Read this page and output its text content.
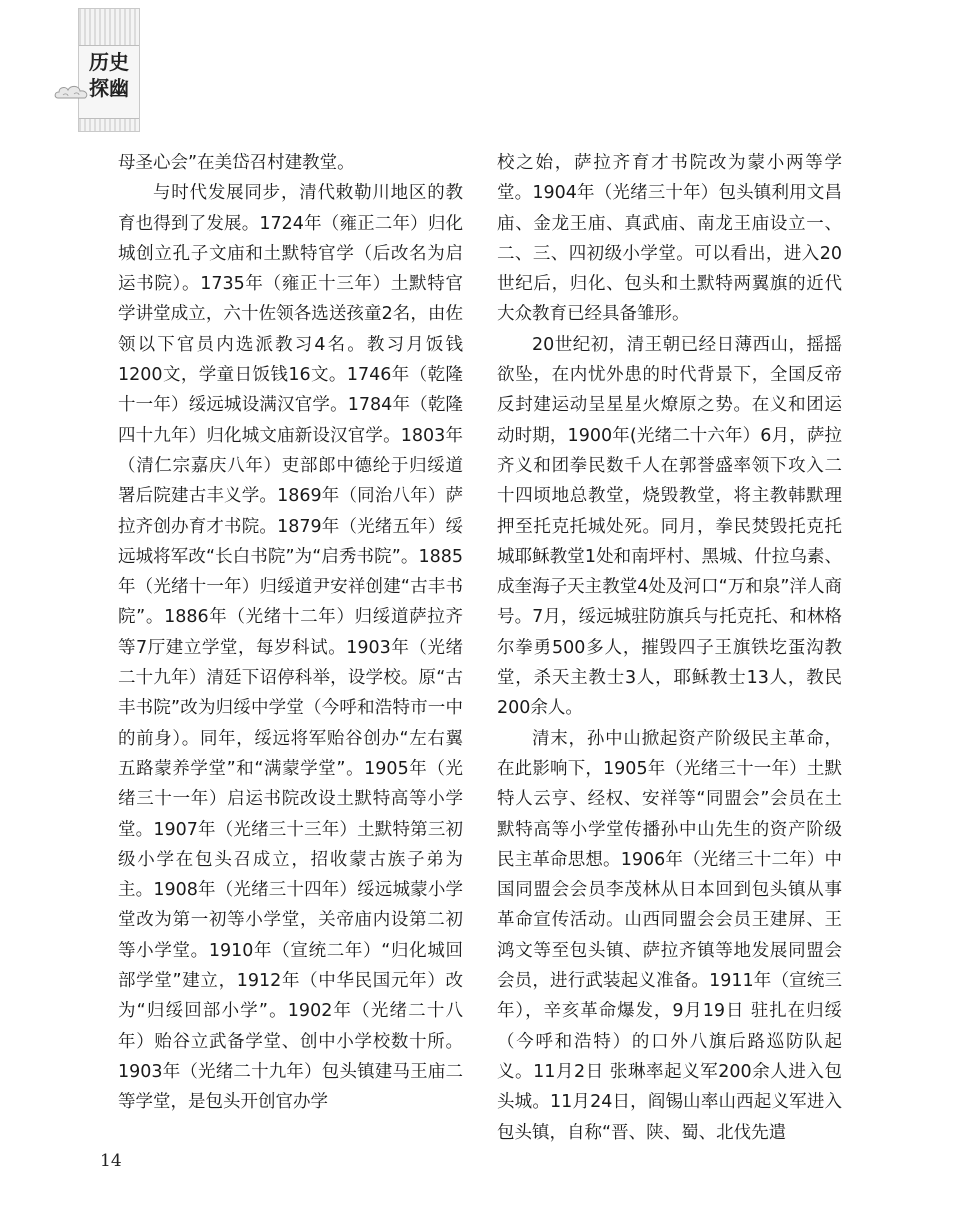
历史
探幽

母圣心会”在美岱召村建教堂。

与时代发展同步，清代敕勒川地区的教育也得到了发展。1724年（雍正二年）归化城创立孔子文庙和土默特官学（后改名为启运书院）。1735年（雍正十三年）土默特官学讲堂成立，六十佐领各选送孩童2名，由佐领以下官员内选派教习4名。教习月饭钱1200文，学童日饭钱16文。1746年（乾隆十一年）绥远城设满汉官学。1784年（乾隆四十九年）归化城文庙新设汉官学。1803年（清仁宗嘉庆八年）吏部郎中德纶于归绥道署后院建古丰义学。1869年（同治八年）萨拉齐创办育才书院。1879年（光绪五年）绥远城将军改“长白书院”为“启秀书院”。1885年（光绪十一年）归绥道尹安祥创建“古丰书院”。1886年（光绪十二年）归绥道萨拉齐等7厅建立学堂，每岁科试。1903年（光绪二十九年）清廷下诏停科举，设学校。原“古丰书院”改为归绥中学堂（今呼和浩特市一中的前身）。同年，绥远将军贻谷创办“左右翼五路蒙养学堂”和“满蒙学堂”。1905年（光绪三十一年）启运书院改设土默特高等小学堂。1907年（光绪三十三年）土默特第三初级小学在包头召成立，招收蒙古族子弟为主。1908年（光绪三十四年）绥远城蒙小学堂改为第一初等小学堂，关帝庙内设第二初等小学堂。1910年（宣统二年）“归化城回部学堂”建立，1912年（中华民国元年）改为“归绥回部小学”。1902年（光绪二十八年）贻谷立武备学堂、创中小学校数十所。1903年（光绪二十九年）包头镇建马王庙二等学堂，是包头开创官办学

校之始，萨拉齐育才书院改为蒙小两等学堂。1904年（光绪三十年）包头镇利用文昌庙、金龙王庙、真武庙、南龙王庙设立一、二、三、四初级小学堂。可以看出，进入20世纪后，归化、包头和土默特两翼旗的近代大众教育已经具备雏形。

20世纪初，清王朝已经日薄西山，摇摇欲坠，在内忧外患的时代背景下，全国反帝反封建运动呈星星火燎原之势。在义和团运动时期，1900年(光绪二十六年）6月，萨拉齐义和团拳民数千人在郭誉盛率领下攻入二十四顷地总教堂，烧毁教堂，将主教韩默理押至托克托城处死。同月，拳民焚毁托克托城耶稣教堂1处和南坪村、黑城、什拉乌素、成奎海子天主教堂4处及河口“万和泉”洋人商号。7月，绥远城驻防旗兵与托克托、和林格尔拳勇500多人，摧毁四子王旗铁圪蛋沟教堂，杀天主教士3人，耶稣教士13人，教民200余人。

清末，孙中山掀起资产阶级民主革命，在此影响下，1905年（光绪三十一年）土默特人云亨、经权、安祥等“同盟会”会员在土默特高等小学堂传播孙中山先生的资产阶级民主革命思想。1906年（光绪三十二年）中国同盟会会员李茂林从日本回到包头镇从事革命宣传活动。山西同盟会会员王建屏、王鸿文等至包头镇、萨拉齐镇等地发展同盟会会员，进行武装起义准备。1911年（宣统三年），辛亥革命爆发，9月19日 驻扎在归绥（今呼和浩特）的口外八旗后路巡防队起义。11月2日 张琳率起义军200余人进入包头城。11月24日，阎锡山率山西起义军进入包头镇，自称“晋、陕、蜀、北伐先遣

14
